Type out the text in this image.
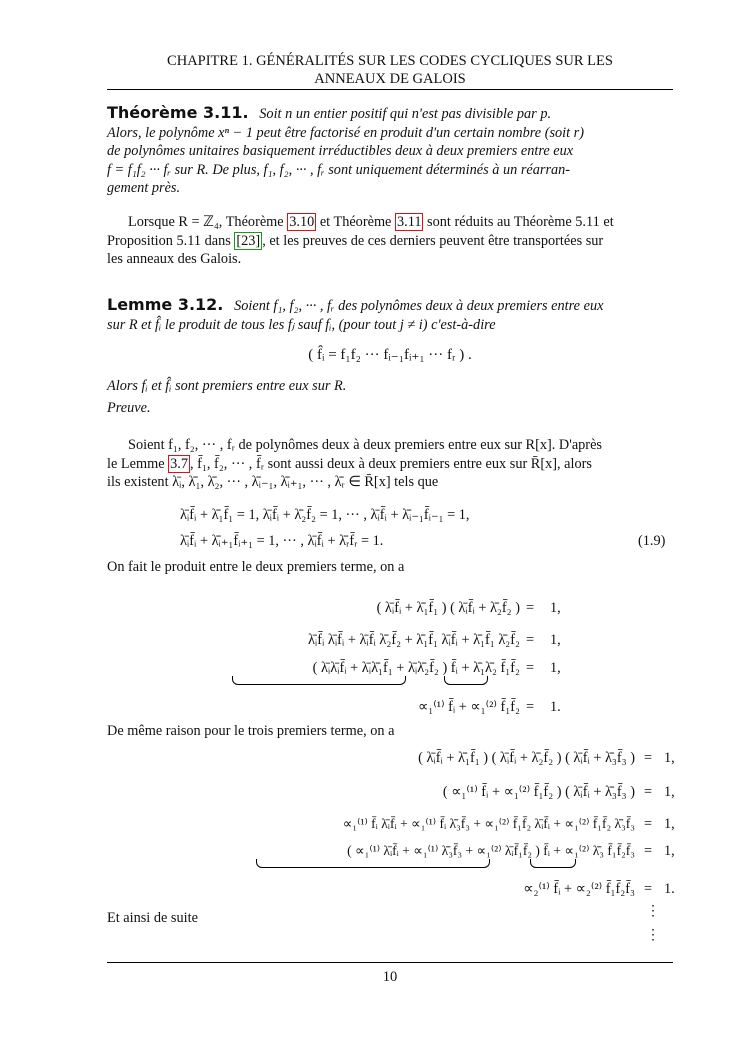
CHAPITRE 1. GÉNÉRALITÉS SUR LES CODES CYCLIQUES SUR LES
ANNEAUX DE GALOIS
Théorème 3.11. Soit n un entier positif qui n'est pas divisible par p.
Alors, le polynôme xⁿ − 1 peut être factorisé en produit d'un certain nombre (soit r)
de polynômes unitaires basiquement irréductibles deux à deux premiers entre eux
f = f₁f₂ ··· fᵣ sur R. De plus, f₁, f₂, ··· , fᵣ sont uniquement déterminés à un réarran-
gement près.
Lorsque R = ℤ₄, Théorème 3.10 et Théorème 3.11 sont réduits au Théorème 5.11 et
Proposition 5.11 dans [23] , et les preuves de ces derniers peuvent être transportées sur
les anneaux des Galois.
Lemme 3.12. Soient f₁, f₂, ··· , fᵣ des polynômes deux à deux premiers entre eux
sur R et f̂ᵢ le produit de tous les fⱼ sauf fᵢ, (pour tout j ≠ i) c'est-à-dire
( f̂ᵢ = f₁f₂ ··· fᵢ₋₁fᵢ₊₁ ··· fᵣ ) .
Alors fᵢ et f̂ᵢ sont premiers entre eux sur R.
Preuve.
Soient f₁, f₂, ··· , fᵣ de polynômes deux à deux premiers entre eux sur R[x]. D'après
le Lemme 3.7 , f̄₁, f̄₂, ··· , f̄ᵣ sont aussi deux à deux premiers entre eux sur R̄[x], alors
ils existent λ̄ᵢ, λ̄̄₁, λ̄̄₂, ··· , λ̄̄ᵢ₋₁, λ̄̄ᵢ₊₁, ··· , λ̄̄ᵣ ∈ R̄[x] tels que
λ̄ᵢf̄ᵢ + λ̄̄₁f̄₁ = 1, λ̄ᵢf̄ᵢ + λ̄̄₂f̄₂ = 1, ··· , λ̄ᵢf̄ᵢ + λ̄̄ᵢ₋₁f̄ᵢ₋₁ = 1,
λ̄ᵢf̄ᵢ + λ̄̄ᵢ₊₁f̄ᵢ₊₁ = 1, ··· , λ̄ᵢf̄ᵢ + λ̄̄ᵣf̄ᵣ = 1.	(1.9)
On fait le produit entre le deux premiers terme, on a
( λ̄ᵢf̄ᵢ + λ̄̄₁f̄₁ ) ( λ̄ᵢf̄ᵢ + λ̄̄₂f̄₂ ) = 1,
λ̄ᵢf̄ᵢ λ̄ᵢf̄ᵢ + λ̄ᵢf̄ᵢ λ̄̄₂f̄₂ + λ̄̄₁f̄₁ λ̄ᵢf̄ᵢ + λ̄̄₁f̄₁ λ̄̄₂f̄₂ = 1,
( λ̄ᵢλ̄ᵢf̄ᵢ + λ̄ᵢλ̄̄₁f̄₁ + λ̄ᵢλ̄̄₂f̄₂ ) f̄ᵢ + λ̄̄₁λ̄̄₂ f̄₁f̄₂ = 1,
∝₁⁽¹⁾ f̄ᵢ + ∝₁⁽²⁾ f̄₁f̄₂ = 1.
De même raison pour le trois premiers terme, on a
( λ̄ᵢf̄ᵢ + λ̄̄₁f̄₁ ) ( λ̄ᵢf̄ᵢ + λ̄̄₂f̄₂ ) ( λ̄ᵢf̄ᵢ + λ̄̄₃f̄₃ ) = 1,
( ∝₁⁽¹⁾ f̄ᵢ + ∝₁⁽²⁾ f̄₁f̄₂ ) ( λ̄ᵢf̄ᵢ + λ̄̄₃f̄₃ ) = 1,
∝₁⁽¹⁾ f̄ᵢ λ̄ᵢf̄ᵢ + ∝₁⁽¹⁾ f̄ᵢ λ̄̄₃f̄₃ + ∝₁⁽²⁾ f̄₁f̄₂ λ̄ᵢf̄ᵢ + ∝₁⁽²⁾ f̄₁f̄₂ λ̄̄₃f̄₃ = 1,
( ∝₁⁽¹⁾ λ̄ᵢf̄ᵢ + ∝₁⁽¹⁾ λ̄̄₃f̄₃ + ∝₁⁽²⁾ λ̄ᵢf̄₁f̄₂ ) f̄ᵢ + ∝₁⁽²⁾ λ̄̄₃ f̄₁f̄₂f̄₃ = 1,
∝₂⁽¹⁾ f̄ᵢ + ∝₂⁽²⁾ f̄₁f̄₂f̄₃ = 1.
Et ainsi de suite	⋮
⋮
10
